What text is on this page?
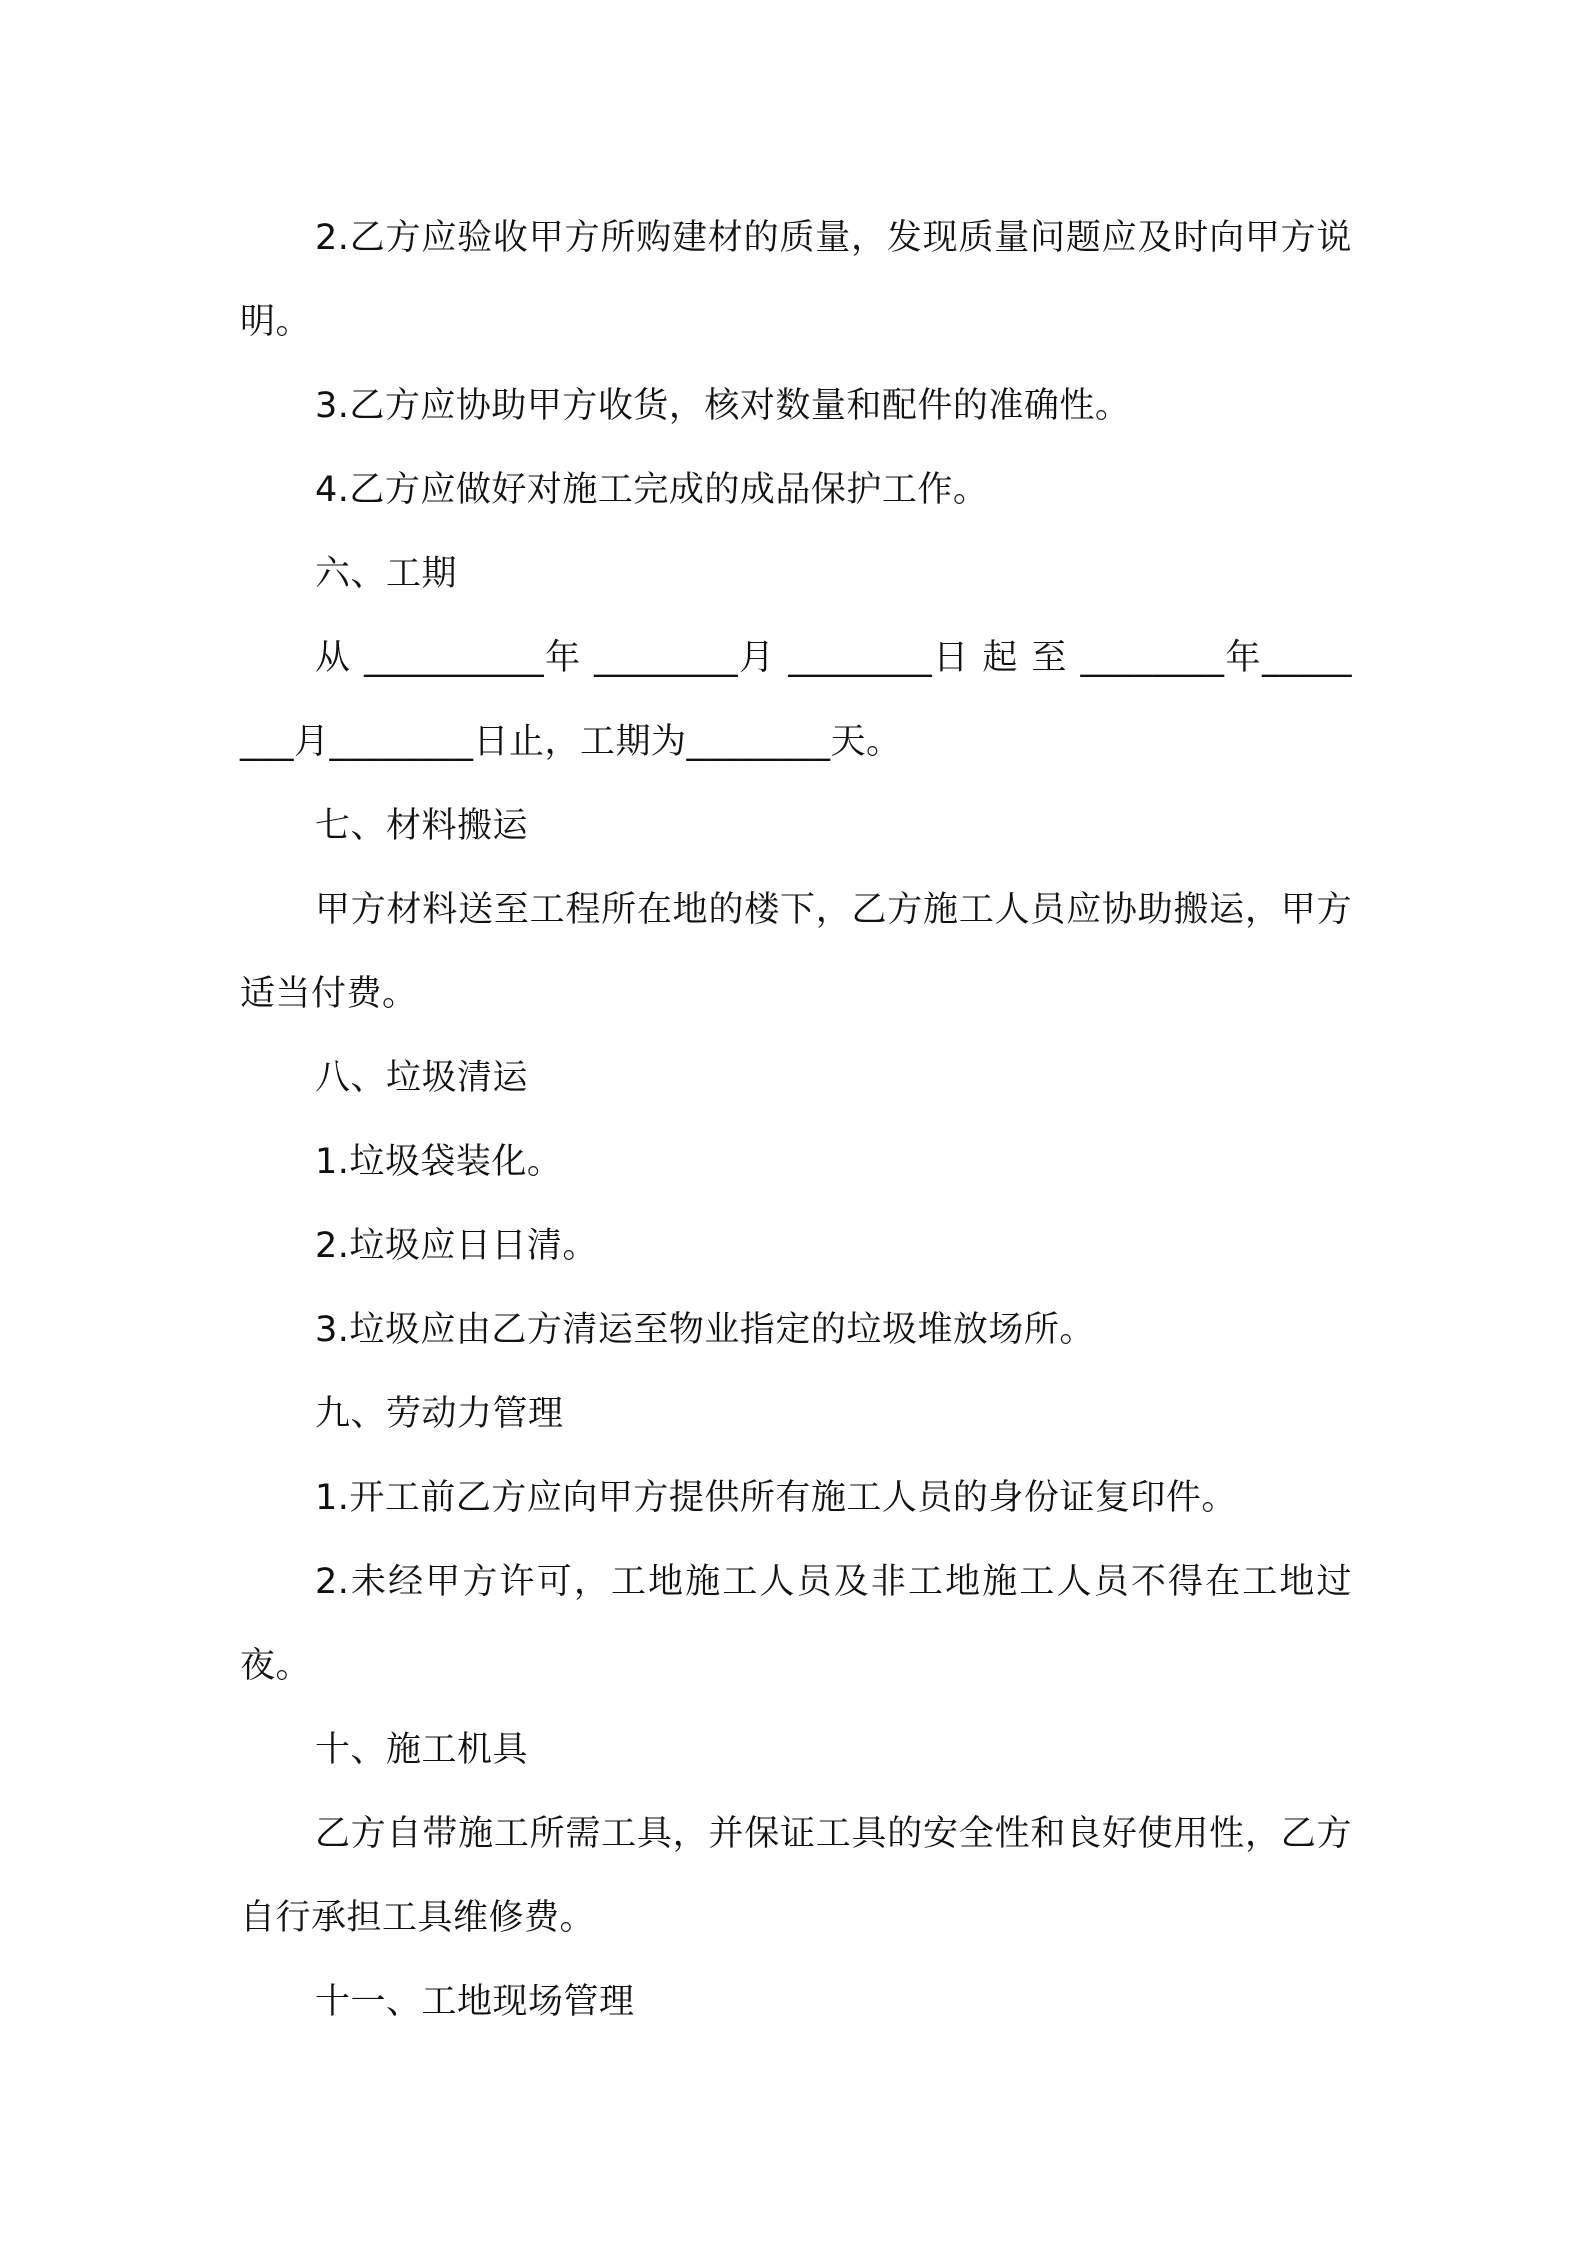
2.乙方应验收甲方所购建材的质量，发现质量问题应及时向甲方说明。

3.乙方应协助甲方收货，核对数量和配件的准确性。

4.乙方应做好对施工完成的成品保护工作。

六、工期

从 __________年 ________月 ________日 起 至 ________年________月________日止，工期为________天。

七、材料搬运

甲方材料送至工程所在地的楼下，乙方施工人员应协助搬运，甲方适当付费。

八、垃圾清运

1.垃圾袋装化。

2.垃圾应日日清。

3.垃圾应由乙方清运至物业指定的垃圾堆放场所。

九、劳动力管理

1.开工前乙方应向甲方提供所有施工人员的身份证复印件。

2.未经甲方许可，工地施工人员及非工地施工人员不得在工地过夜。

十、施工机具

乙方自带施工所需工具，并保证工具的安全性和良好使用性，乙方自行承担工具维修费。

十一、工地现场管理
